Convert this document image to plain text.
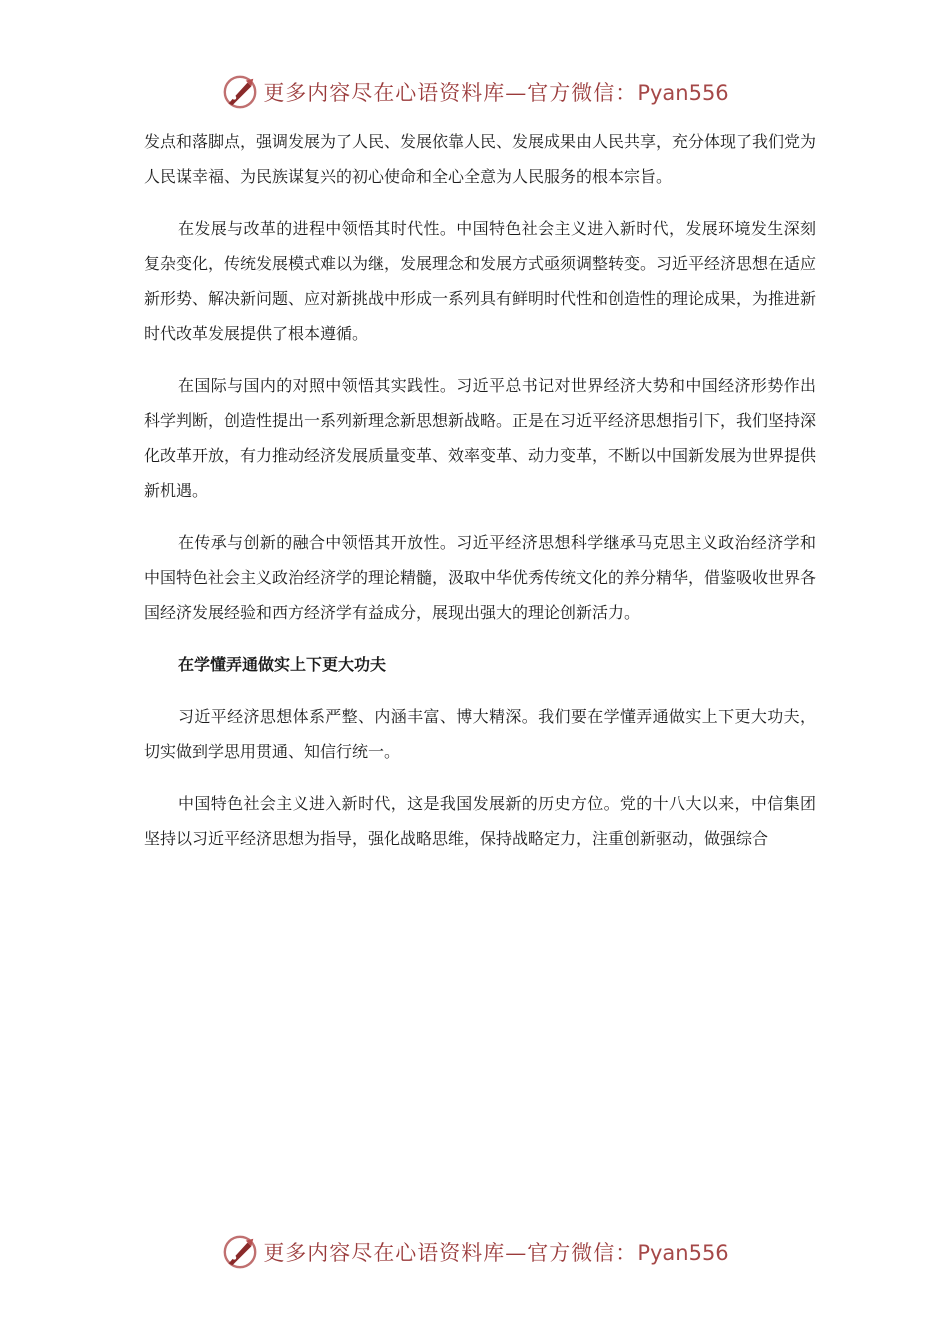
更多内容尽在心语资料库—官方微信：Pyan556

发点和落脚点，强调发展为了人民、发展依靠人民、发展成果由人民共享，充分体现了我们党为人民谋幸福、为民族谋复兴的初心使命和全心全意为人民服务的根本宗旨。

在发展与改革的进程中领悟其时代性。中国特色社会主义进入新时代，发展环境发生深刻复杂变化，传统发展模式难以为继，发展理念和发展方式亟须调整转变。习近平经济思想在适应新形势、解决新问题、应对新挑战中形成一系列具有鲜明时代性和创造性的理论成果，为推进新时代改革发展提供了根本遵循。

在国际与国内的对照中领悟其实践性。习近平总书记对世界经济大势和中国经济形势作出科学判断，创造性提出一系列新理念新思想新战略。正是在习近平经济思想指引下，我们坚持深化改革开放，有力推动经济发展质量变革、效率变革、动力变革，不断以中国新发展为世界提供新机遇。

在传承与创新的融合中领悟其开放性。习近平经济思想科学继承马克思主义政治经济学和中国特色社会主义政治经济学的理论精髓，汲取中华优秀传统文化的养分精华，借鉴吸收世界各国经济发展经验和西方经济学有益成分，展现出强大的理论创新活力。

在学懂弄通做实上下更大功夫

习近平经济思想体系严整、内涵丰富、博大精深。我们要在学懂弄通做实上下更大功夫，切实做到学思用贯通、知信行统一。

中国特色社会主义进入新时代，这是我国发展新的历史方位。党的十八大以来，中信集团坚持以习近平经济思想为指导，强化战略思维，保持战略定力，注重创新驱动，做强综合

更多内容尽在心语资料库—官方微信：Pyan556
